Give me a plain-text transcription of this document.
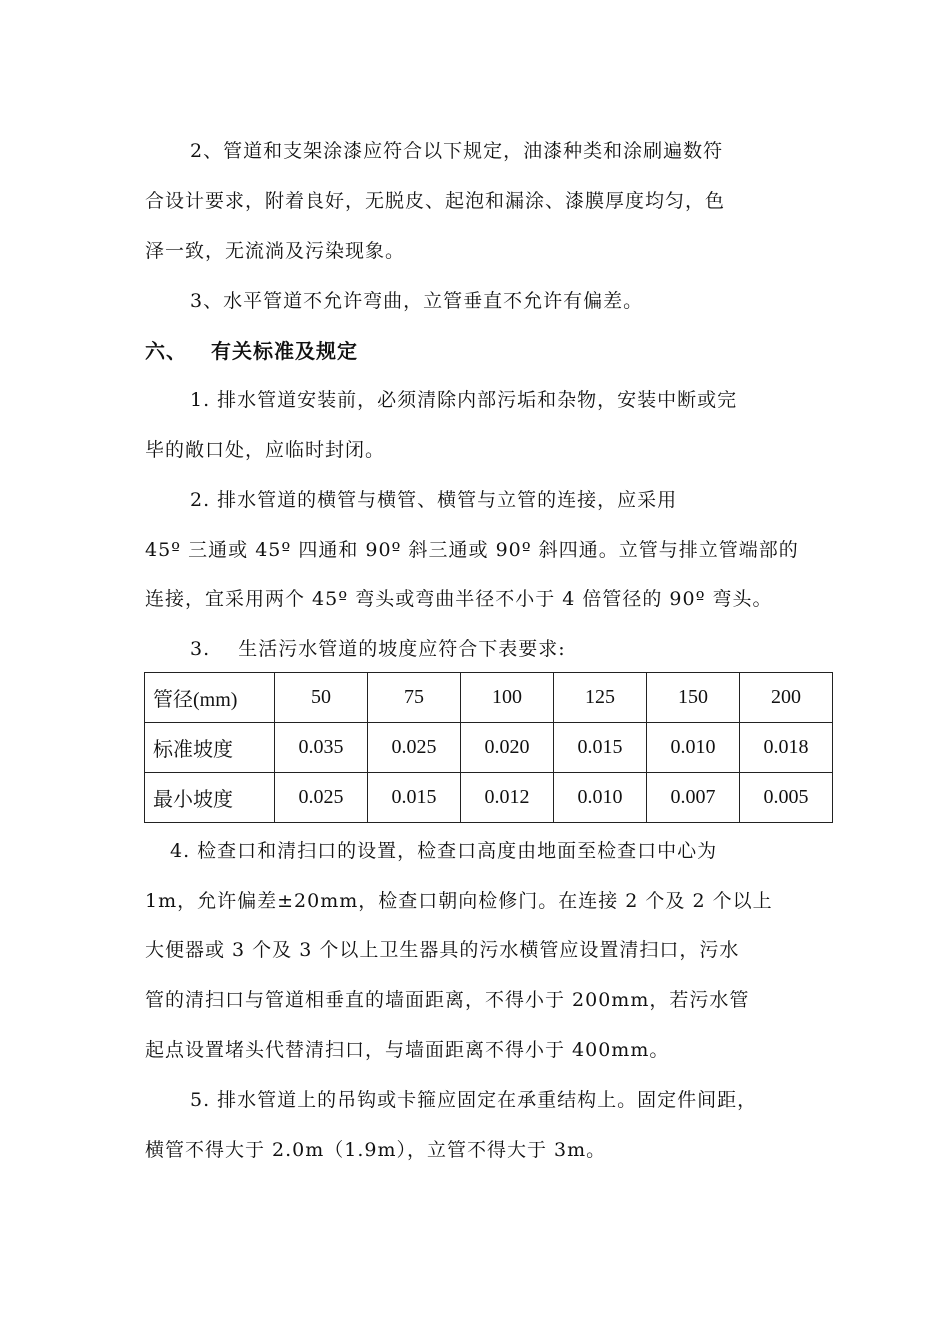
2、管道和支架涂漆应符合以下规定，油漆种类和涂刷遍数符
合设计要求，附着良好，无脱皮、起泡和漏涂、漆膜厚度均匀，色
泽一致，无流淌及污染现象。
3、水平管道不允许弯曲，立管垂直不允许有偏差。
六、 有关标准及规定
1. 排水管道安装前，必须清除内部污垢和杂物，安装中断或完
毕的敞口处，应临时封闭。
2. 排水管道的横管与横管、横管与立管的连接，应采用
45º 三通或 45º 四通和 90º 斜三通或 90º 斜四通。立管与排立管端部的
连接，宜采用两个 45º 弯头或弯曲半径不小于 4 倍管径的 90º 弯头。
3.    生活污水管道的坡度应符合下表要求:
管径(mm)	50	75	100	125	150	200
标准坡度	0.035	0.025	0.020	0.015	0.010	0.018
最小坡度	0.025	0.015	0.012	0.010	0.007	0.005
4. 检查口和清扫口的设置，检查口高度由地面至检查口中心为
1m，允许偏差±20mm，检查口朝向检修门。在连接 2 个及 2 个以上
大便器或 3 个及 3 个以上卫生器具的污水横管应设置清扫口，污水
管的清扫口与管道相垂直的墙面距离，不得小于 200mm，若污水管
起点设置堵头代替清扫口，与墙面距离不得小于 400mm。
5. 排水管道上的吊钩或卡箍应固定在承重结构上。固定件间距，
横管不得大于 2.0m（1.9m），立管不得大于 3m。
